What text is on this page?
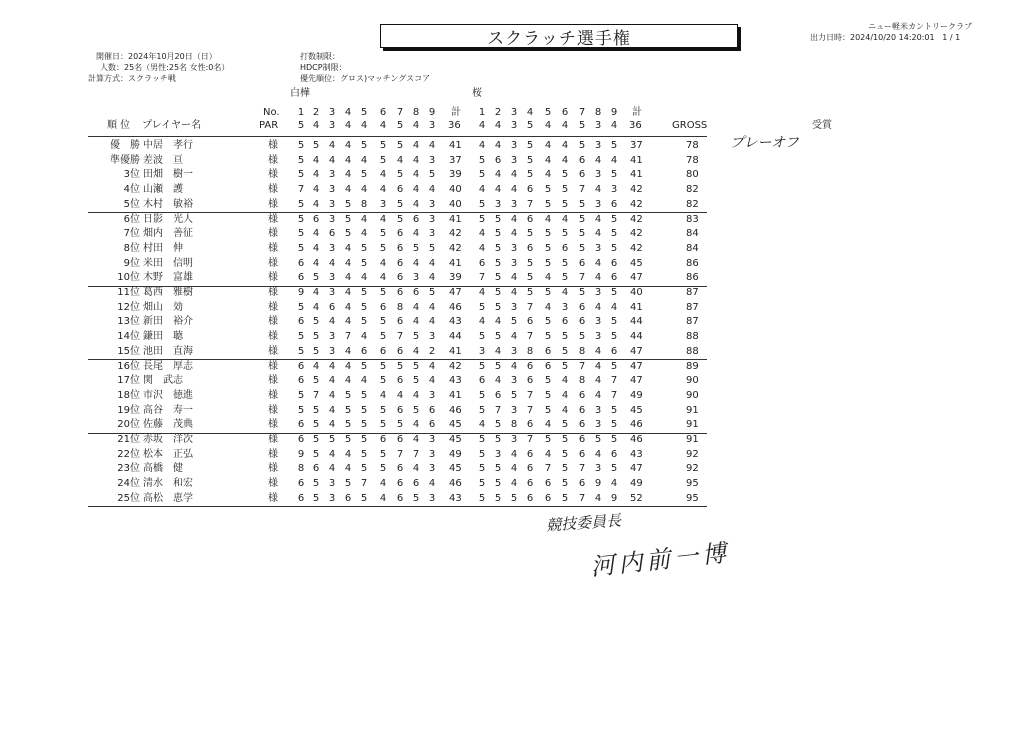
スクラッチ選手権
ニュー軽米カントリークラブ
出力日時：2024/10/20 14:20:01 1 / 1
開催日：2024年10月20日（日）
人数：25名（男性:25名 女性:0名）
計算方式：スクラッチ戦
打数制限：
HDCP制限：
優先順位：グロス)マッチングスコア
白樺	桜
No. 1 2 3 4 5 6 7 8 9 計 1 2 3 4 5 6 7 8 9 計
順 位 プレイヤー名	PAR 5 4 3 4 4 4 5 4 3 36 4 4 3 5 4 4 5 3 4 36	GROSS	受賞
優　勝 中居　孝行	様 5 5 4 4 5 5 5 4 4 41 4 4 3 5 4 4 5 3 5 37	78 プレーオフ
準優勝 差波　亘	様 5 4 4 4 4 5 4 4 3 37 5 6 3 5 4 4 6 4 4 41	78
3位 田畑　樹一	様 5 4 3 4 5 4 5 4 5 39 5 4 4 5 4 5 6 3 5 41	80
4位 山瀬　護	様 7 4 3 4 4 4 6 4 4 40 4 4 4 6 5 5 7 4 3 42	82
5位 木村　敏裕	様 5 4 3 5 8 3 5 4 3 40 5 3 3 7 5 5 5 3 6 42	82
6位 日影　光人	様 5 6 3 5 4 4 5 6 3 41 5 5 4 6 4 4 5 4 5 42	83
7位 畑内　善征	様 5 4 6 5 4 5 6 4 3 42 4 5 4 5 5 5 5 4 5 42	84
8位 村田　伸	様 5 4 3 4 5 5 6 5 5 42 4 5 3 6 5 6 5 3 5 42	84
9位 米田　信明	様 6 4 4 4 5 4 6 4 4 41 6 5 3 5 5 5 6 4 6 45	86
10位 木野　富雄	様 6 5 3 4 4 4 6 3 4 39 7 5 4 5 4 5 7 4 6 47	86
11位 葛西　雅樹	様 9 4 3 4 5 5 6 6 5 47 4 5 4 5 5 4 5 3 5 40	87
12位 畑山　効	様 5 4 6 4 5 6 8 4 4 46 5 5 3 7 4 3 6 4 4 41	87
13位 新田　裕介	様 6 5 4 4 5 5 6 4 4 43 4 4 5 6 5 6 6 3 5 44	87
14位 鎌田　聴	様 5 5 3 7 4 5 7 5 3 44 5 5 4 7 5 5 5 3 5 44	88
15位 池田　直海	様 5 5 3 4 6 6 6 4 2 41 3 4 3 8 6 5 8 4 6 47	88
16位 長尾　厚志	様 6 4 4 4 5 5 5 5 4 42 5 5 4 6 6 5 7 4 5 47	89
17位 関　武志	様 6 5 4 4 4 5 6 5 4 43 6 4 3 6 5 4 8 4 7 47	90
18位 市沢　徳進	様 5 7 4 5 5 4 4 4 3 41 5 6 5 7 5 4 6 4 7 49	90
19位 高谷　寿一	様 5 5 4 5 5 5 6 5 6 46 5 7 3 7 5 4 6 3 5 45	91
20位 佐藤　茂典	様 6 5 4 5 5 5 5 4 6 45 4 5 8 6 4 5 6 3 5 46	91
21位 赤坂　洋次	様 6 5 5 5 5 6 6 4 3 45 5 5 3 7 5 5 6 5 5 46	91
22位 松本　正弘	様 9 5 4 4 5 5 7 7 3 49 5 3 4 6 4 5 6 4 6 43	92
23位 高橋　健	様 8 6 4 4 5 5 6 4 3 45 5 5 4 6 7 5 7 3 5 47	92
24位 清水　和宏	様 6 5 3 5 7 4 6 6 4 46 5 5 4 6 6 5 6 9 4 49	95
25位 高松　恵学	様 6 5 3 6 5 4 6 5 3 43 5 5 5 6 6 5 7 4 9 52	95
競技委員長
河内前一博
